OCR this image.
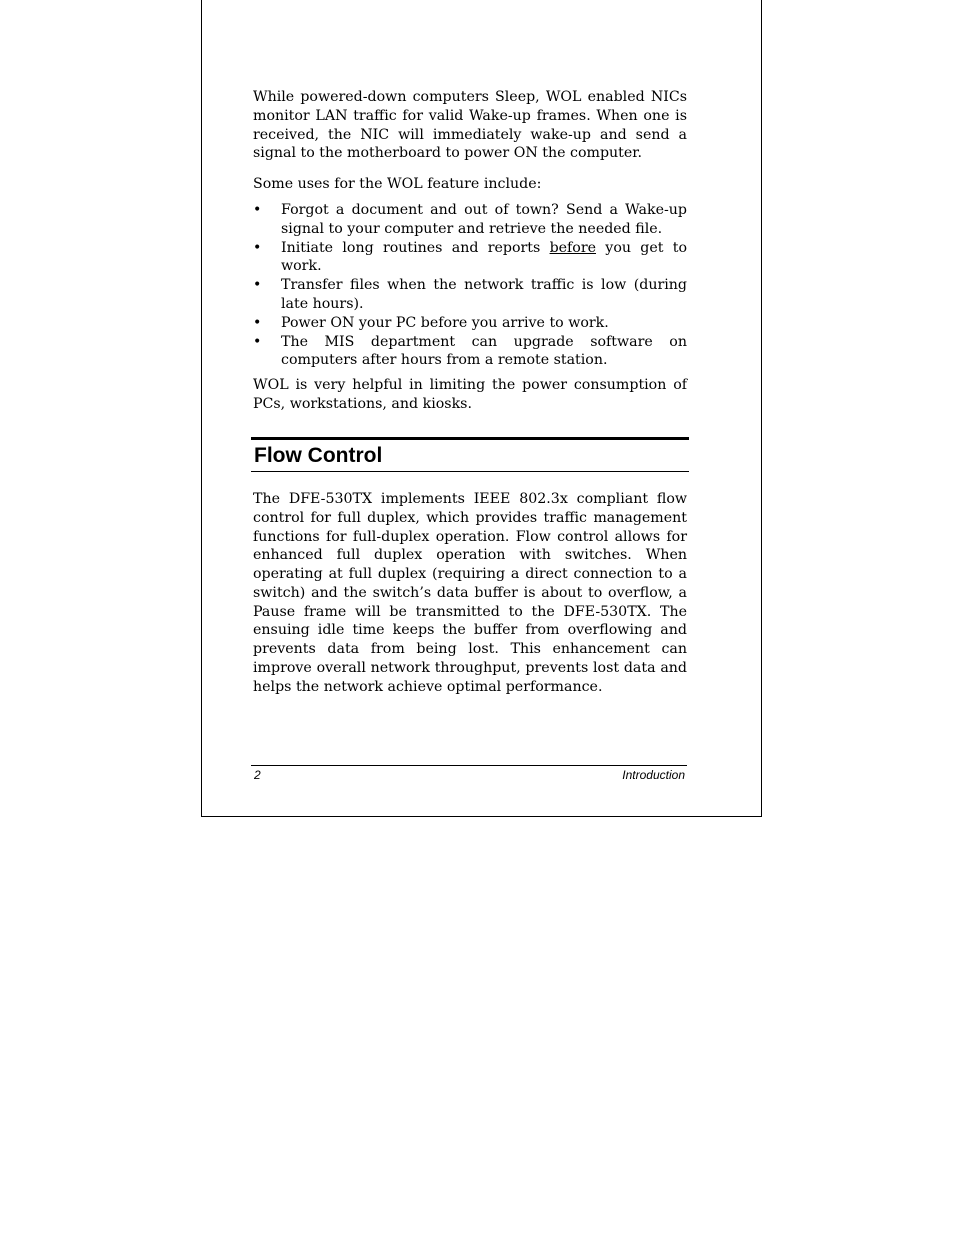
While powered-down computers Sleep, WOL enabled NICs monitor LAN traffic for valid Wake-up frames. When one is received, the NIC will immediately wake-up and send a signal to the motherboard to power ON the computer.

Some uses for the WOL feature include:

• Forgot a document and out of town? Send a Wake-up signal to your computer and retrieve the needed file.
• Initiate long routines and reports before you get to work.
• Transfer files when the network traffic is low (during late hours).
• Power ON your PC before you arrive to work.
• The MIS department can upgrade software on computers after hours from a remote station.

WOL is very helpful in limiting the power consumption of PCs, workstations, and kiosks.

Flow Control

The DFE-530TX implements IEEE 802.3x compliant flow control for full duplex, which provides traffic management functions for full-duplex operation. Flow control allows for enhanced full duplex operation with switches. When operating at full duplex (requiring a direct connection to a switch) and the switch’s data buffer is about to overflow, a Pause frame will be transmitted to the DFE-530TX. The ensuing idle time keeps the buffer from overflowing and prevents data from being lost. This enhancement can improve overall network throughput, prevents lost data and helps the network achieve optimal performance.

2	Introduction
